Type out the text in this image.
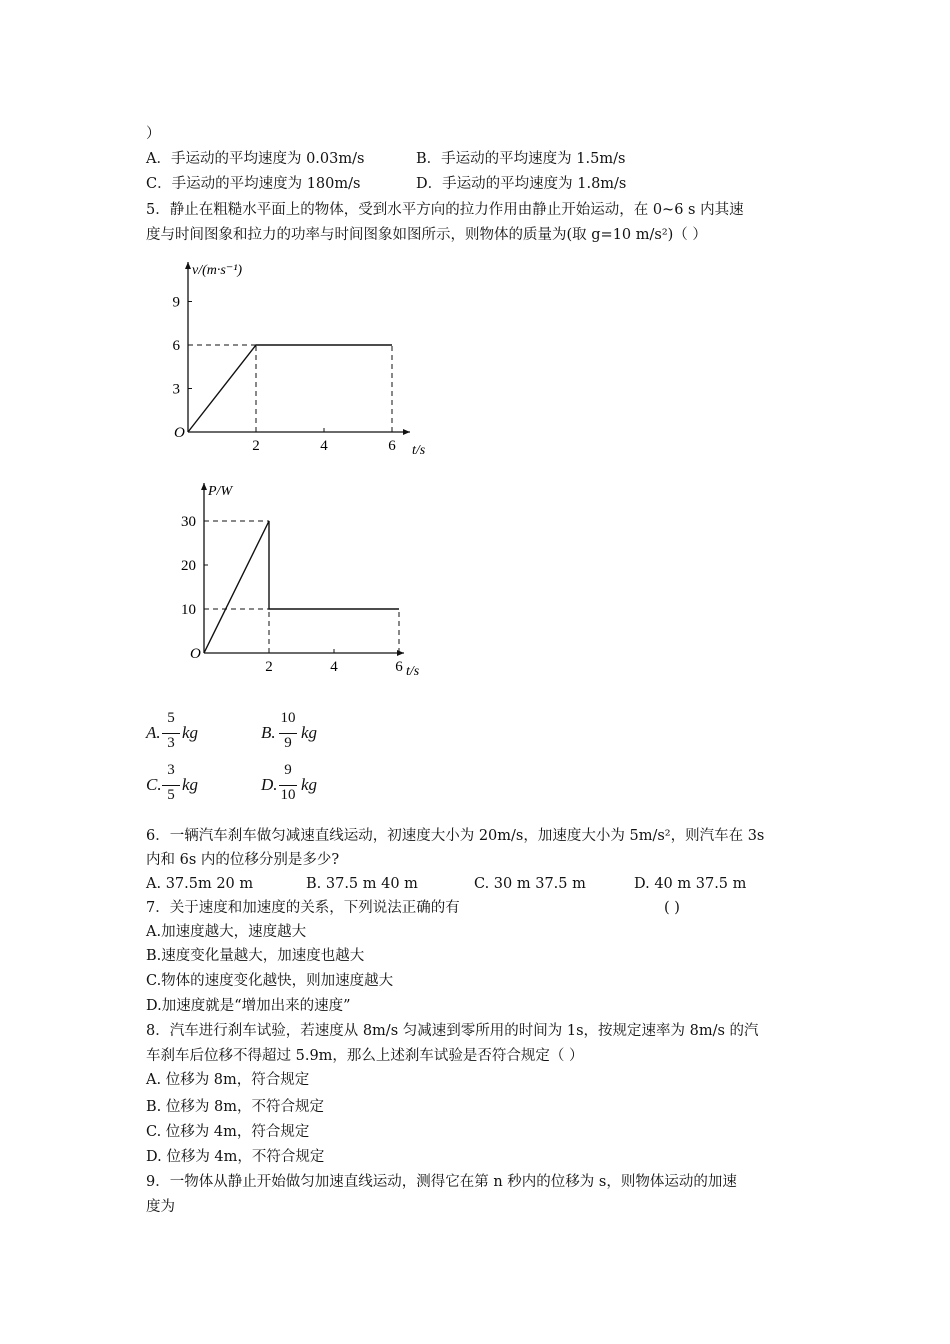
）
A．手运动的平均速度为 0.03m/s	B．手运动的平均速度为 1.5m/s
C．手运动的平均速度为 180m/s	D．手运动的平均速度为 1.8m/s
5．静止在粗糙水平面上的物体，受到水平方向的拉力作用由静止开始运动，在 0~6 s 内其速
度与时间图象和拉力的功率与时间图象如图所示，则物体的质量为(取 g=10 m/s²)（ ）
2	4	6
3
6
9
O
t/s
v/(m·s⁻¹)
2	4	6
10
20
30
O
t/s
P/W
A.
5
3
kg	B.
10
9
kg
C.
3
5
kg	D.
9
10
kg
6．一辆汽车刹车做匀减速直线运动，初速度大小为 20m/s，加速度大小为 5m/s²，则汽车在 3s
内和 6s 内的位移分别是多少?
A. 37.5m 20 m	B. 37.5 m 40 m	C. 30 m 37.5 m	D. 40 m 37.5 m
7．关于速度和加速度的关系，下列说法正确的有	( )
A.加速度越大，速度越大
B.速度变化量越大，加速度也越大
C.物体的速度变化越快，则加速度越大
D.加速度就是“增加出来的速度”
8．汽车进行刹车试验，若速度从 8m/s 匀减速到零所用的时间为 1s，按规定速率为 8m/s 的汽
车刹车后位移不得超过 5.9m，那么上述刹车试验是否符合规定（ ）
A. 位移为 8m，符合规定
B. 位移为 8m，不符合规定
C. 位移为 4m，符合规定
D. 位移为 4m，不符合规定
9．一物体从静止开始做匀加速直线运动，测得它在第 n 秒内的位移为 s，则物体运动的加速
度为
